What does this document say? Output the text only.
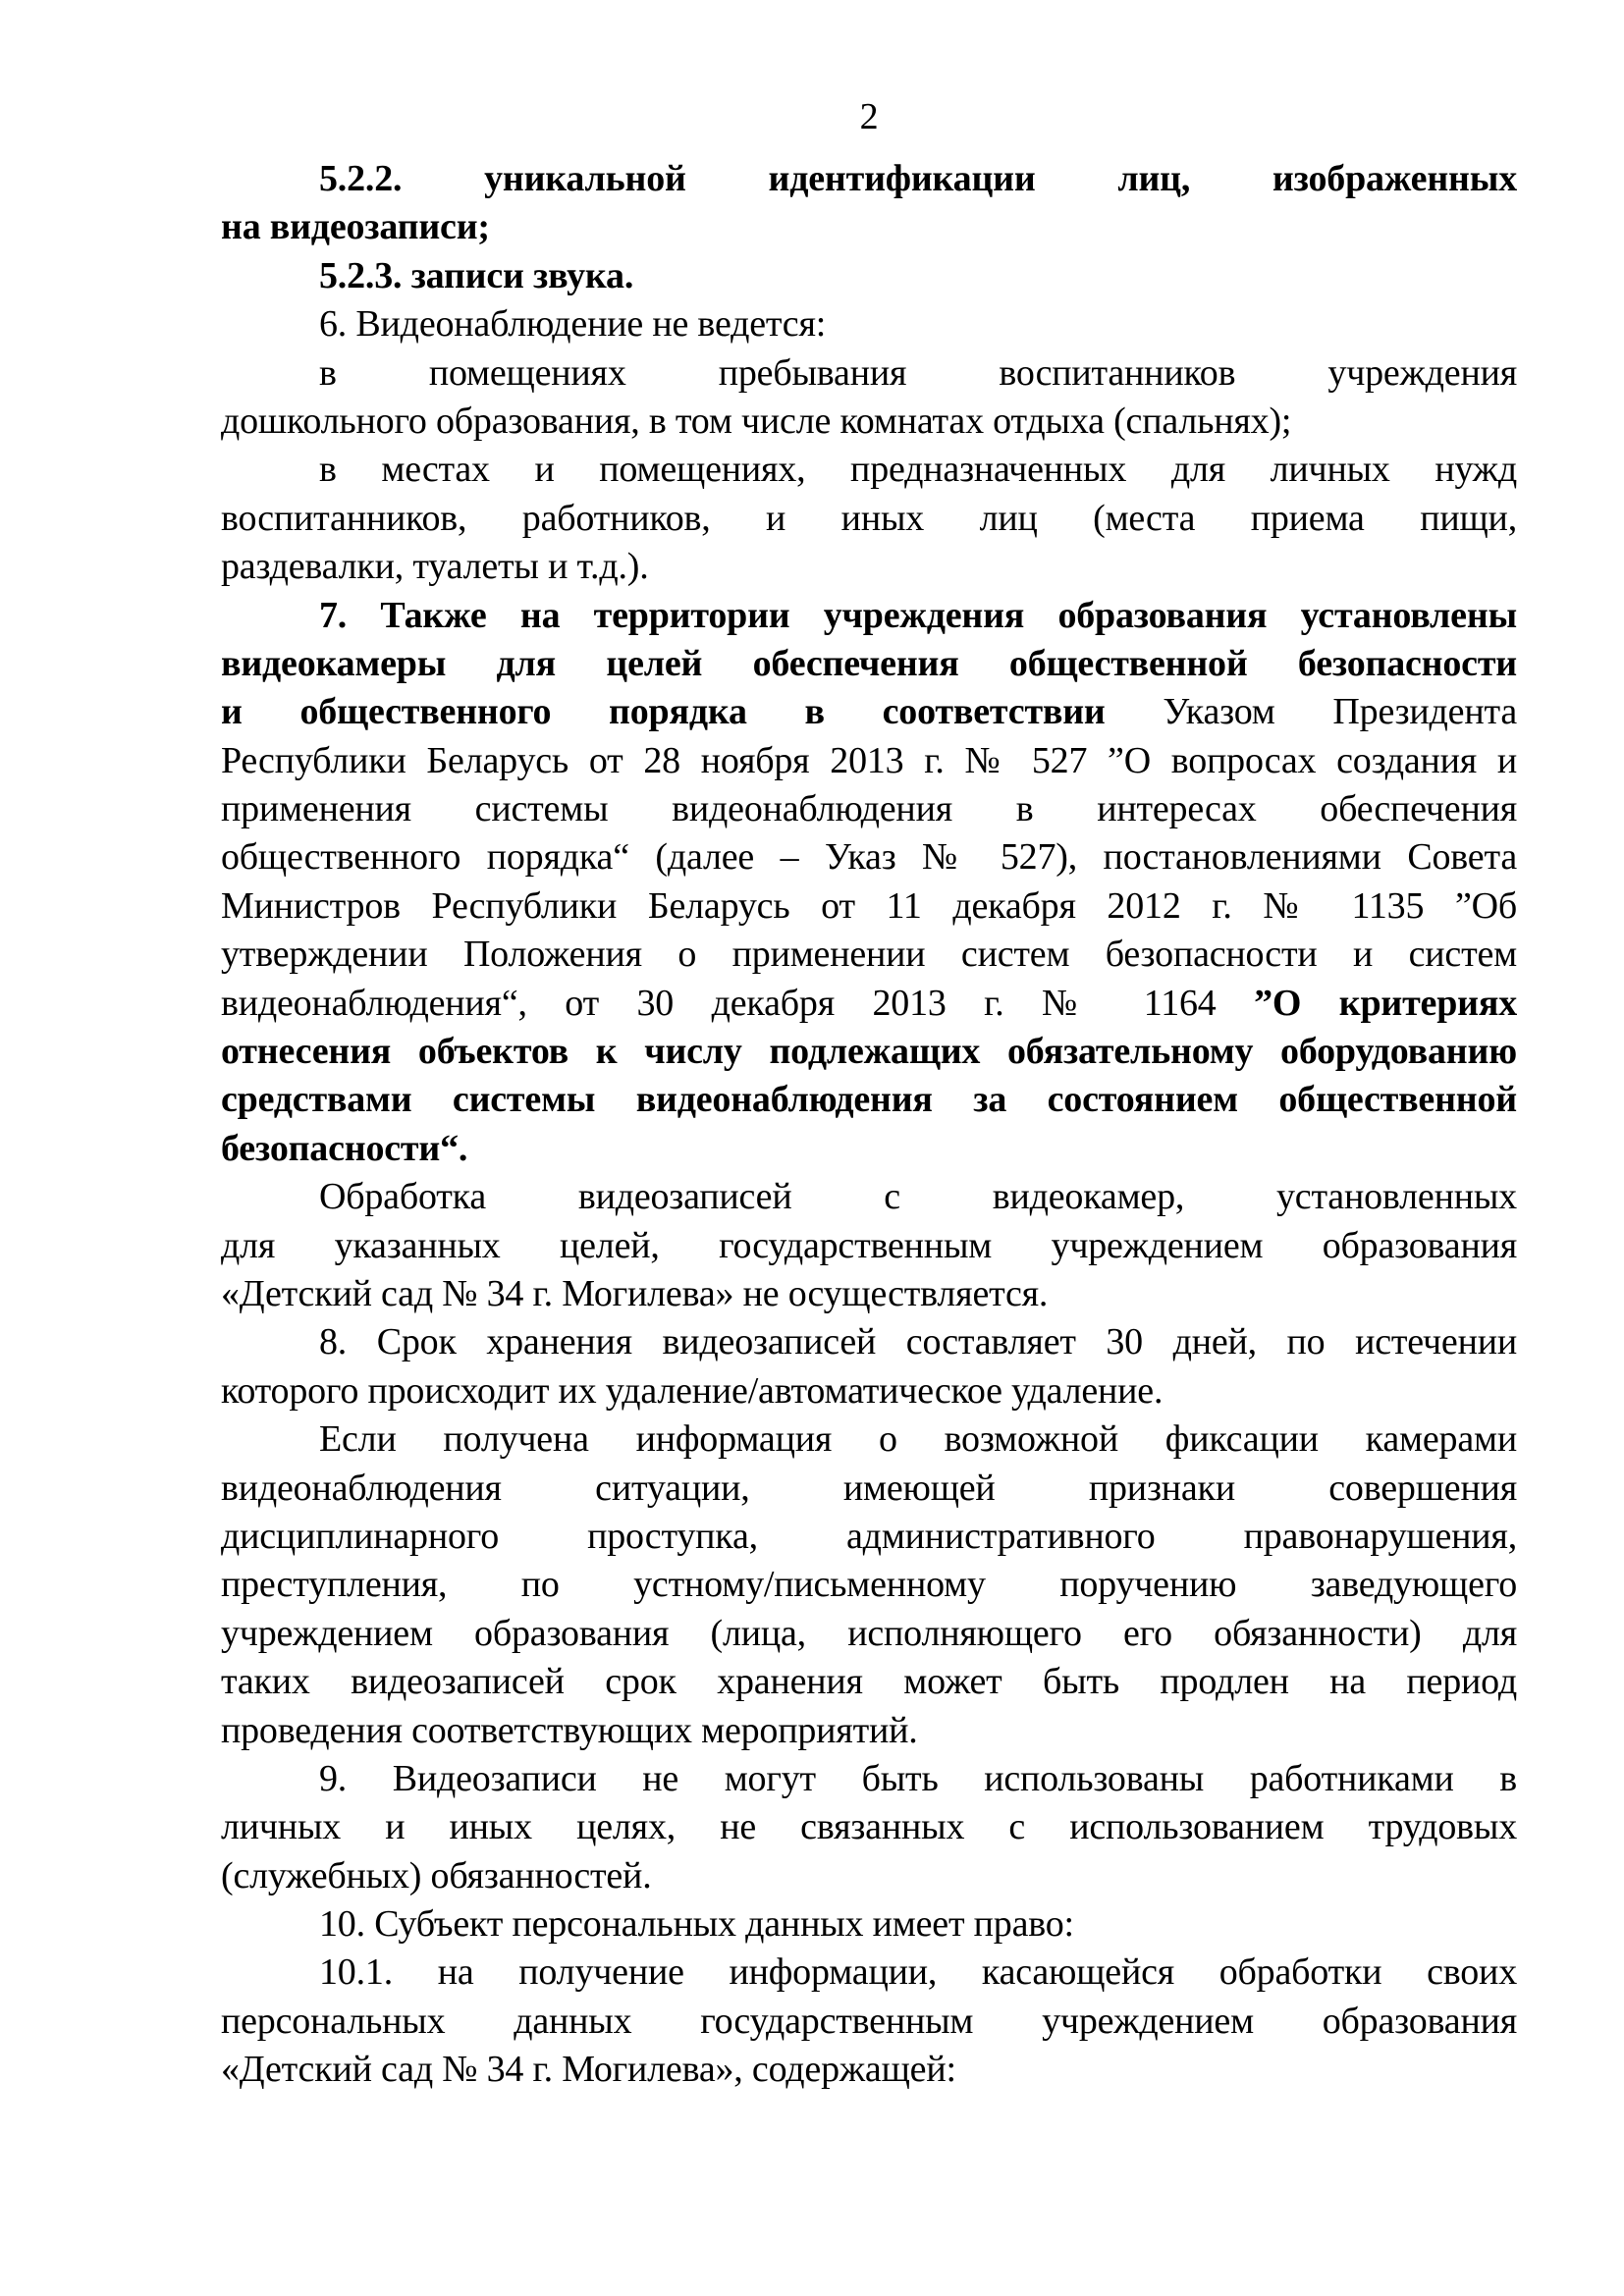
2
5.2.2. уникальной идентификации лиц, изображенных
на видеозаписи;
5.2.3. записи звука.
6. Видеонаблюдение не ведется:
в помещениях пребывания воспитанников учреждения
дошкольного образования, в том числе комнатах отдыха (спальнях);
в местах и помещениях, предназначенных для личных нужд
воспитанников, работников, и иных лиц (места приема пищи,
раздевалки, туалеты и т.д.).
7. Также на территории учреждения образования установлены
видеокамеры для целей обеспечения общественной безопасности
и общественного порядка в соответствии Указом Президента
Республики Беларусь от 28 ноября 2013 г. № 527 ”О вопросах создания и
применения системы видеонаблюдения в интересах обеспечения
общественного порядка“ (далее – Указ № 527), постановлениями Совета
Министров Республики Беларусь от 11 декабря 2012 г. № 1135 ”Об
утверждении Положения о применении систем безопасности и систем
видеонаблюдения“, от 30 декабря 2013 г. № 1164 ”О критериях
отнесения объектов к числу подлежащих обязательному оборудованию
средствами системы видеонаблюдения за состоянием общественной
безопасности“.
Обработка видеозаписей с видеокамер, установленных
для указанных целей, государственным учреждением образования
«Детский сад № 34 г. Могилева» не осуществляется.
8. Срок хранения видеозаписей составляет 30 дней, по истечении
которого происходит их удаление/автоматическое удаление.
Если получена информация о возможной фиксации камерами
видеонаблюдения ситуации, имеющей признаки совершения
дисциплинарного проступка, административного правонарушения,
преступления, по устному/письменному поручению заведующего
учреждением образования (лица, исполняющего его обязанности) для
таких видеозаписей срок хранения может быть продлен на период
проведения соответствующих мероприятий.
9. Видеозаписи не могут быть использованы работниками в
личных и иных целях, не связанных с использованием трудовых
(служебных) обязанностей.
10. Субъект персональных данных имеет право:
10.1. на получение информации, касающейся обработки своих
персональных данных государственным учреждением образования
«Детский сад № 34 г. Могилева», содержащей:
